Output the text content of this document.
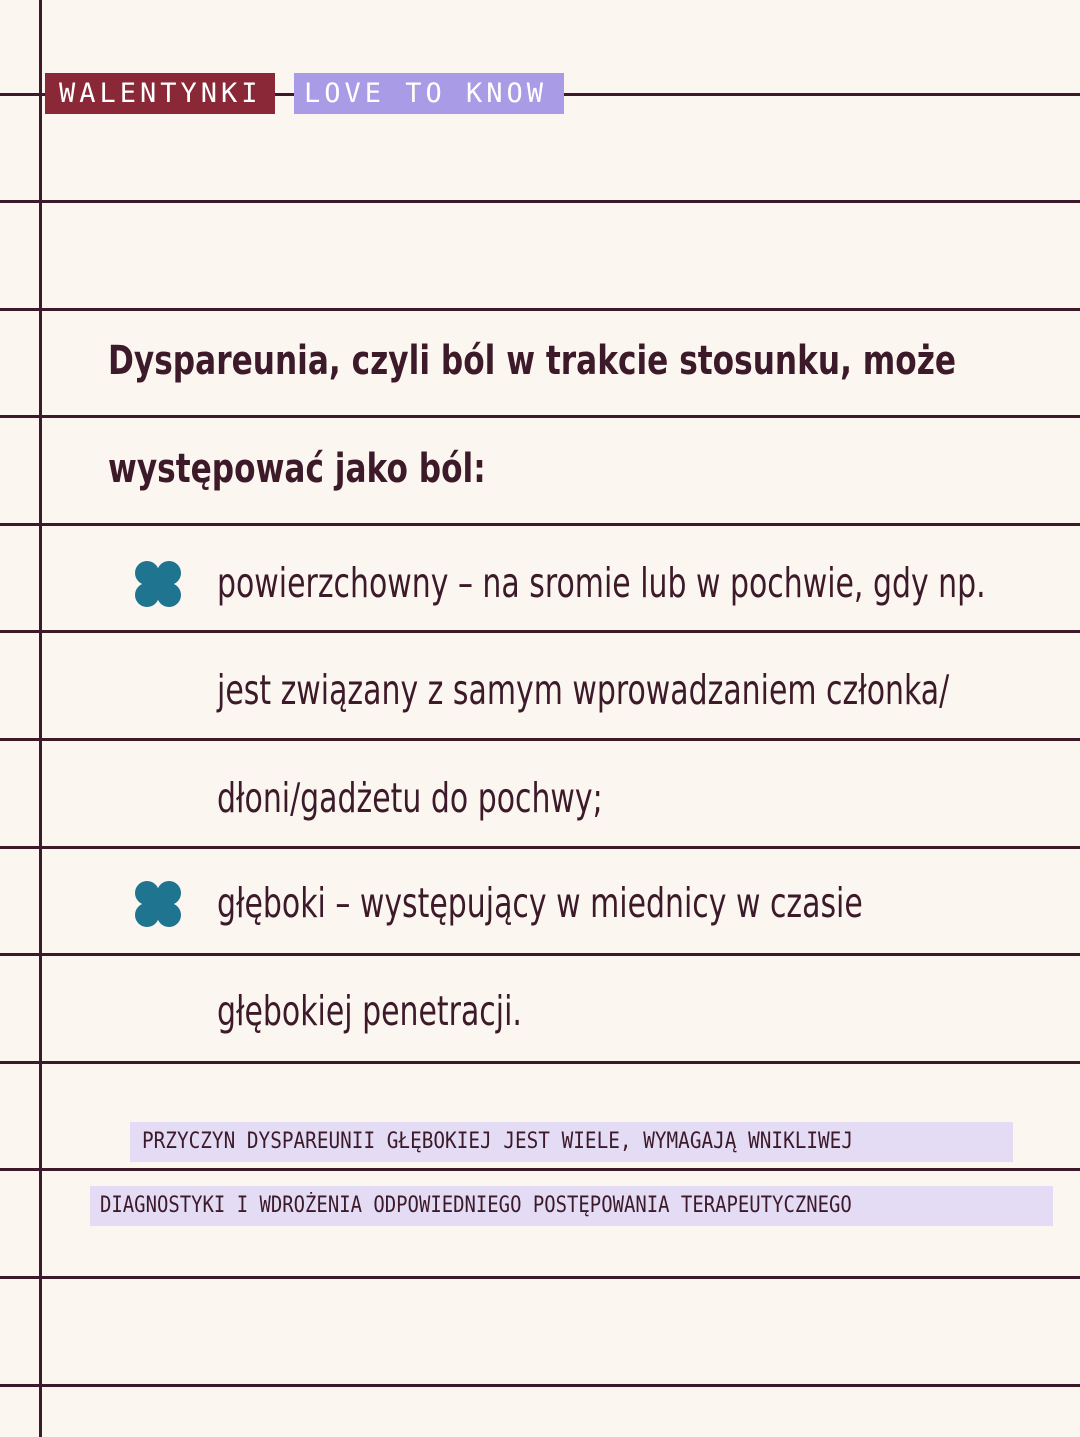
WALENTYNKI	LOVE TO KNOW
Dyspareunia, czyli ból w trakcie stosunku, może
występować jako ból:
powierzchowny – na sromie lub w pochwie, gdy np.
jest związany z samym wprowadzaniem członka/
dłoni/gadżetu do pochwy;
głęboki – występujący w miednicy w czasie
głębokiej penetracji.
PRZYCZYN DYSPAREUNII GŁĘBOKIEJ JEST WIELE, WYMAGAJĄ WNIKLIWEJ
DIAGNOSTYKI I WDROŻENIA ODPOWIEDNIEGO POSTĘPOWANIA TERAPEUTYCZNEGO
